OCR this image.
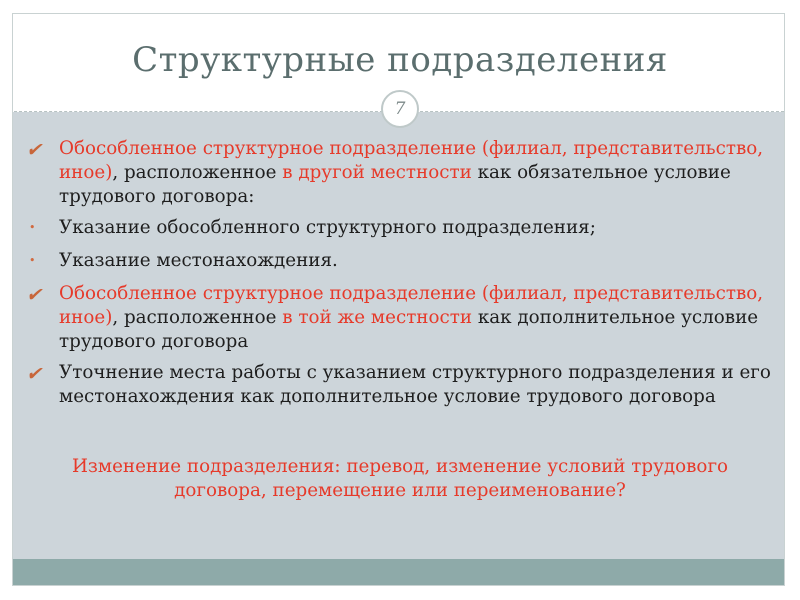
Структурные подразделения
7
✔ Обособленное структурное подразделение (филиал, представительство, иное), расположенное в другой местности как обязательное условие трудового договора:
• Указание обособленного структурного подразделения;
• Указание местонахождения.
✔ Обособленное структурное подразделение (филиал, представительство, иное), расположенное в той же местности как дополнительное условие трудового договора
✔ Уточнение места работы с указанием структурного подразделения и его местонахождения как дополнительное условие трудового договора
Изменение подразделения: перевод, изменение условий трудового договора, перемещение или переименование?
